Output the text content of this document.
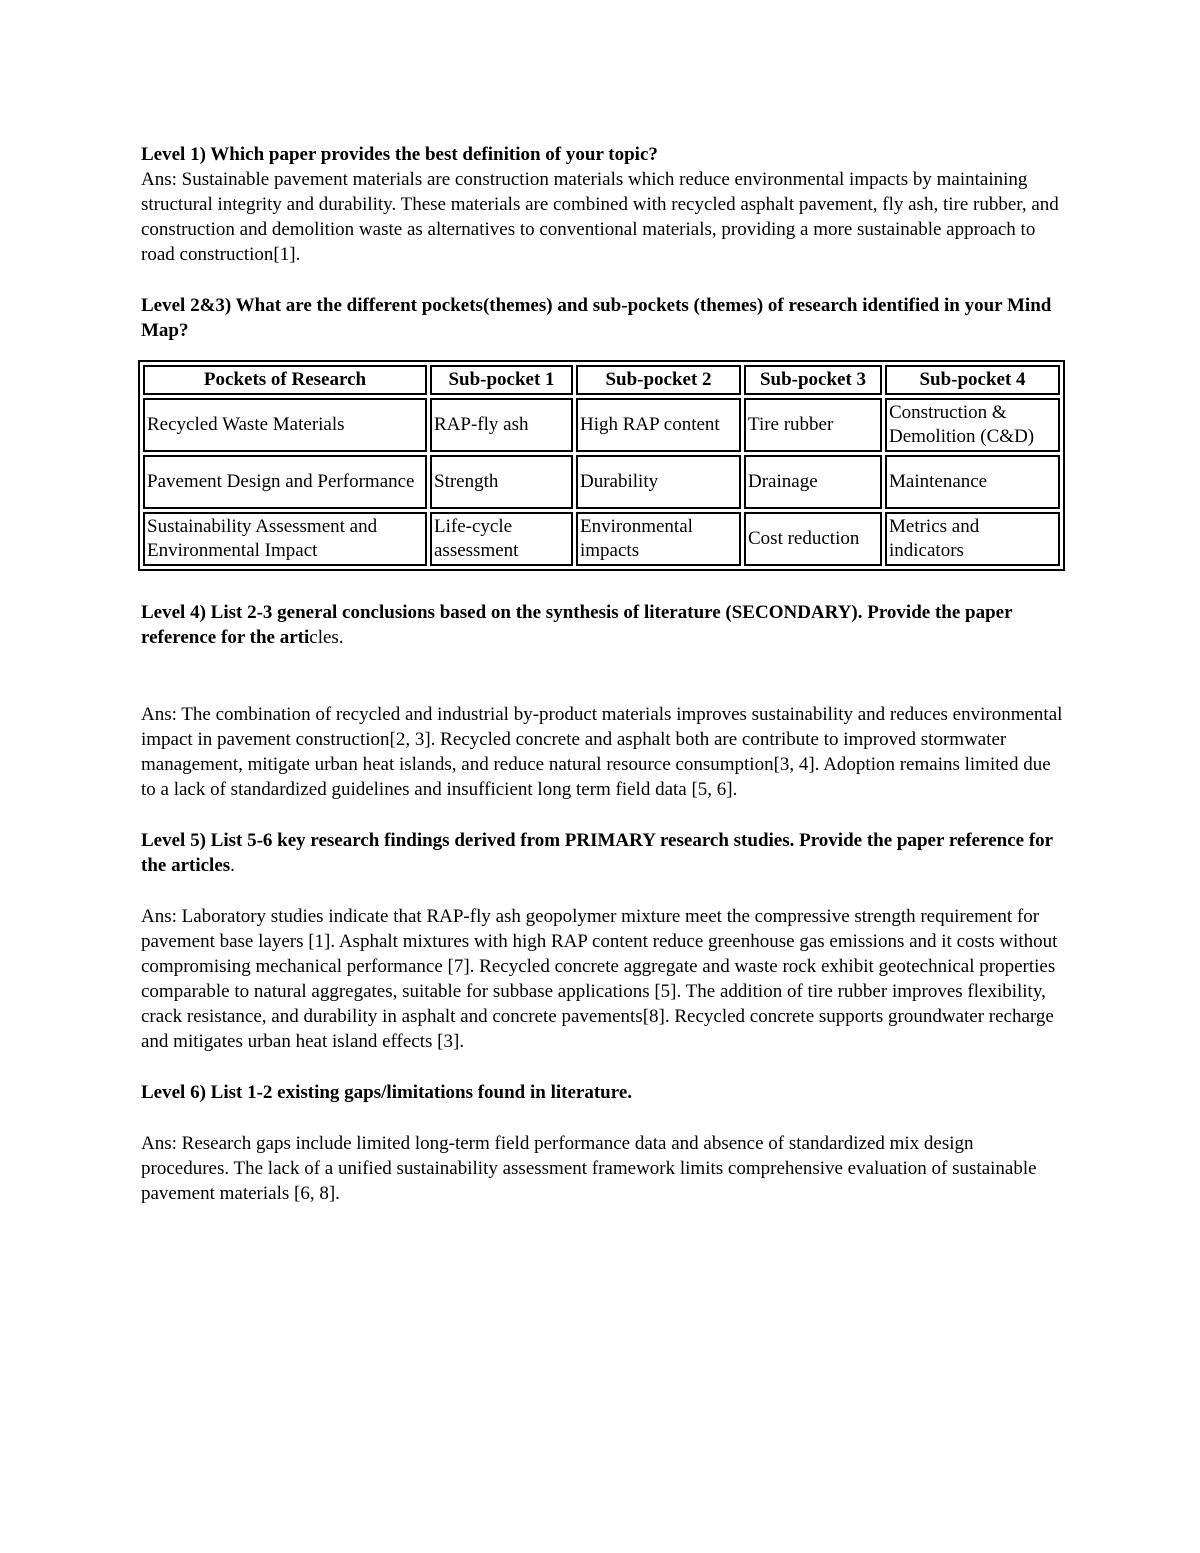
Level 1) Which paper provides the best definition of your topic?

Ans: Sustainable pavement materials are construction materials which reduce environmental impacts by maintaining structural integrity and durability. These materials are combined with recycled asphalt pavement, fly ash, tire rubber, and construction and demolition waste as alternatives to conventional materials, providing a more sustainable approach to road construction[1].

Level 2&3) What are the different pockets(themes) and sub-pockets (themes) of research identified in your Mind Map?

Pockets of Research	Sub-pocket 1	Sub-pocket 2	Sub-pocket 3	Sub-pocket 4
Recycled Waste Materials	RAP-fly ash	High RAP content	Tire rubber	Construction & Demolition (C&D)
Pavement Design and Performance	Strength	Durability	Drainage	Maintenance
Sustainability Assessment and Environmental Impact	Life-cycle assessment	Environmental impacts	Cost reduction	Metrics and indicators

Level 4) List 2-3 general conclusions based on the synthesis of literature (SECONDARY). Provide the paper reference for the articles.

Ans: The combination of recycled and industrial by-product materials improves sustainability and reduces environmental impact in pavement construction[2, 3]. Recycled concrete and asphalt both are contribute to improved stormwater management, mitigate urban heat islands, and reduce natural resource consumption[3, 4]. Adoption remains limited due to a lack of standardized guidelines and insufficient long term field data [5, 6].

Level 5) List 5-6 key research findings derived from PRIMARY research studies. Provide the paper reference for the articles.

Ans: Laboratory studies indicate that RAP-fly ash geopolymer mixture meet the compressive strength requirement for pavement base layers [1]. Asphalt mixtures with high RAP content reduce greenhouse gas emissions and it costs without compromising mechanical performance [7]. Recycled concrete aggregate and waste rock exhibit geotechnical properties comparable to natural aggregates, suitable for subbase applications [5]. The addition of tire rubber improves flexibility, crack resistance, and durability in asphalt and concrete pavements[8]. Recycled concrete supports groundwater recharge and mitigates urban heat island effects [3].

Level 6) List 1-2 existing gaps/limitations found in literature.

Ans: Research gaps include limited long-term field performance data and absence of standardized mix design procedures. The lack of a unified sustainability assessment framework limits comprehensive evaluation of sustainable pavement materials [6, 8].
